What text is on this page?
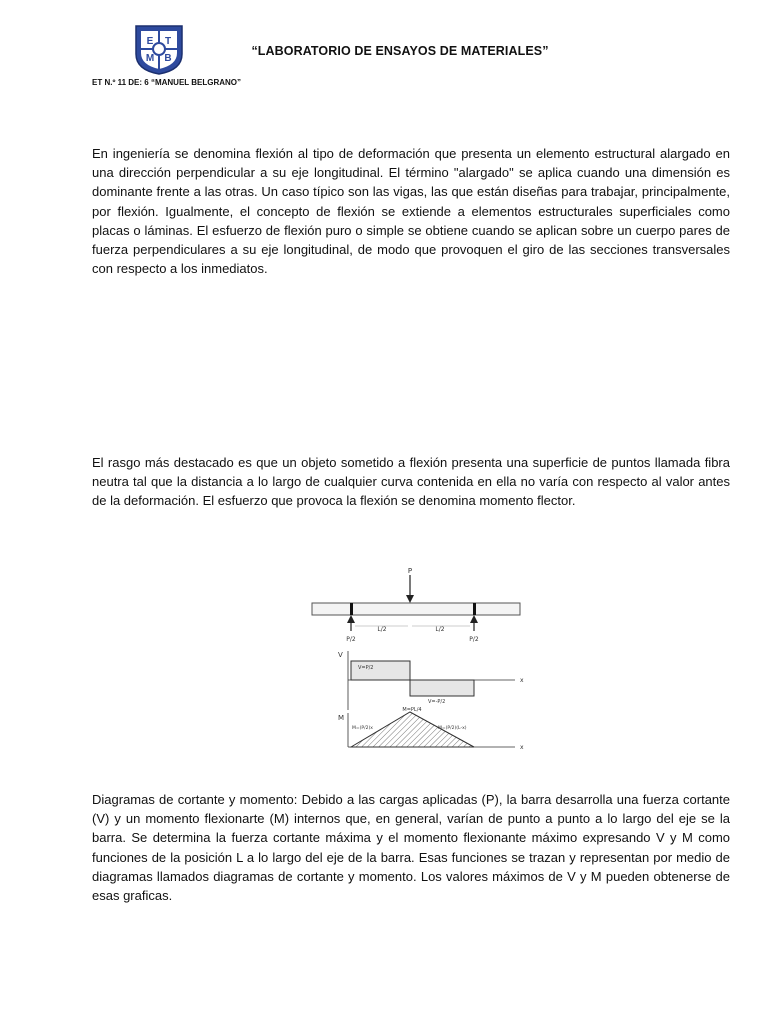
E T
M B
“LABORATORIO DE ENSAYOS DE MATERIALES”
ET N.º 11 DE: 6 “MANUEL BELGRANO”

En ingeniería se denomina flexión al tipo de deformación que presenta un elemento estructural alargado en una dirección perpendicular a su eje longitudinal. El término "alargado" se aplica cuando una dimensión es dominante frente a las otras. Un caso típico son las vigas, las que están diseñas para trabajar, principalmente, por flexión. Igualmente, el concepto de flexión se extiende a elementos estructurales superficiales como placas o láminas. El esfuerzo de flexión puro o simple se obtiene cuando se aplican sobre un cuerpo pares de fuerza perpendiculares a su eje longitudinal, de modo que provoquen el giro de las secciones transversales con respecto a los inmediatos.

El rasgo más destacado es que un objeto sometido a flexión presenta una superficie de puntos llamada fibra neutra tal que la distancia a lo largo de cualquier curva contenida en ella no varía con respecto al valor antes de la deformación. El esfuerzo que provoca la flexión se denomina momento flector.

P
P/2	P/2
L/2	L/2
V
x
V=P/2
V=-P/2
M
x
M=PL/4
M=(P/2)x	M=(P/2)(L-x)

Diagramas de cortante y momento: Debido a las cargas aplicadas (P), la barra desarrolla una fuerza cortante (V) y un momento flexionarte (M) internos que, en general, varían de punto a punto a lo largo del eje se la barra. Se determina la fuerza cortante máxima y el momento flexionante máximo expresando V y M como funciones de la posición L a lo largo del eje de la barra. Esas funciones se trazan y representan por medio de diagramas llamados diagramas de cortante y momento. Los valores máximos de V y M pueden obtenerse de esas graficas.
